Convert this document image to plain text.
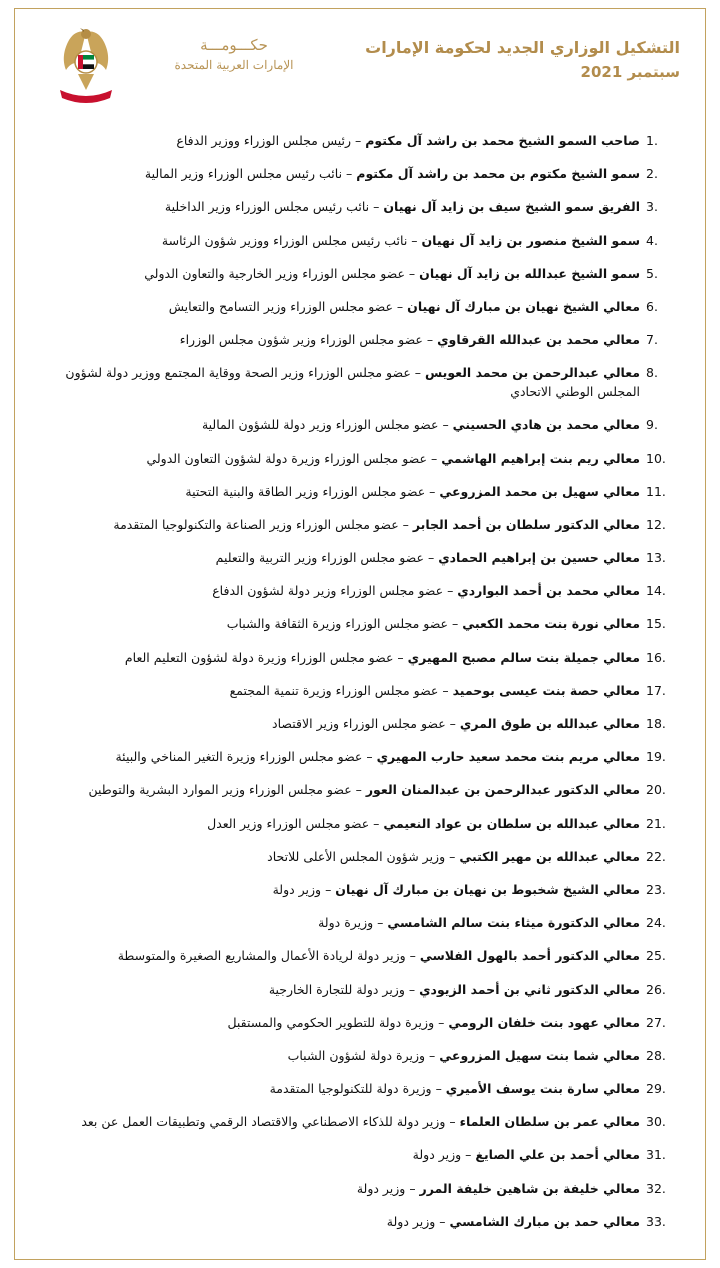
حكـــومـــة
الإمارات العربية المتحدة
التشكيل الوزاري الجديد لحكومة الإمارات
سبتمبر 2021
1.
صاحب السمو الشيخ محمد بن راشد آل مكتوم – رئيس مجلس الوزراء ووزير الدفاع
2.
سمو الشيخ مكتوم بن محمد بن راشد آل مكتوم – نائب رئيس مجلس الوزراء وزير المالية
3.
الفريق سمو الشيخ سيف بن زايد آل نهيان – نائب رئيس مجلس الوزراء وزير الداخلية
4.
سمو الشيخ منصور بن زايد آل نهيان – نائب رئيس مجلس الوزراء ووزير شؤون الرئاسة
5.
سمو الشيخ عبدالله بن زايد آل نهيان – عضو مجلس الوزراء وزير الخارجية والتعاون الدولي
6.
معالي الشيخ نهيان بن مبارك آل نهيان – عضو مجلس الوزراء وزير التسامح والتعايش
7.
معالي محمد بن عبدالله القرقاوي – عضو مجلس الوزراء وزير شؤون مجلس الوزراء
8.
معالي عبدالرحمن بن محمد العويس – عضو مجلس الوزراء وزير الصحة ووقاية المجتمع ووزير دولة لشؤون المجلس الوطني الاتحادي
9.
معالي محمد بن هادي الحسيني – عضو مجلس الوزراء وزير دولة للشؤون المالية
10.
معالي ريم بنت إبراهيم الهاشمي – عضو مجلس الوزراء وزيرة دولة لشؤون التعاون الدولي
11.
معالي سهيل بن محمد المزروعي – عضو مجلس الوزراء وزير الطاقة والبنية التحتية
12.
معالي الدكتور سلطان بن أحمد الجابر – عضو مجلس الوزراء وزير الصناعة والتكنولوجيا المتقدمة
13.
معالي حسين بن إبراهيم الحمادي – عضو مجلس الوزراء وزير التربية والتعليم
14.
معالي محمد بن أحمد البواردي – عضو مجلس الوزراء وزير دولة لشؤون الدفاع
15.
معالي نورة بنت محمد الكعبي – عضو مجلس الوزراء وزيرة الثقافة والشباب
16.
معالي جميلة بنت سالم مصبح المهيري – عضو مجلس الوزراء وزيرة دولة لشؤون التعليم العام
17.
معالي حصة بنت عيسى بوحميد – عضو مجلس الوزراء وزيرة تنمية المجتمع
18.
معالي عبدالله بن طوق المري – عضو مجلس الوزراء وزير الاقتصاد
19.
معالي مريم بنت محمد سعيد حارب المهيري – عضو مجلس الوزراء وزيرة التغير المناخي والبيئة
20.
معالي الدكتور عبدالرحمن بن عبدالمنان العور – عضو مجلس الوزراء وزير الموارد البشرية والتوطين
21.
معالي عبدالله بن سلطان بن عواد النعيمي – عضو مجلس الوزراء وزير العدل
22.
معالي عبدالله بن مهير الكتبي – وزير شؤون المجلس الأعلى للاتحاد
23.
معالي الشيخ شخبوط بن نهيان بن مبارك آل نهيان – وزير دولة
24.
معالي الدكتورة ميثاء بنت سالم الشامسي – وزيرة دولة
25.
معالي الدكتور أحمد بالهول الفلاسي – وزير دولة لريادة الأعمال والمشاريع الصغيرة والمتوسطة
26.
معالي الدكتور ثاني بن أحمد الزيودي – وزير دولة للتجارة الخارجية
27.
معالي عهود بنت خلفان الرومي – وزيرة دولة للتطوير الحكومي والمستقبل
28.
معالي شما بنت سهيل المزروعي – وزيرة دولة لشؤون الشباب
29.
معالي سارة بنت يوسف الأميري – وزيرة دولة للتكنولوجيا المتقدمة
30.
معالي عمر بن سلطان العلماء – وزير دولة للذكاء الاصطناعي والاقتصاد الرقمي وتطبيقات العمل عن بعد
31.
معالي أحمد بن علي الصايغ – وزير دولة
32.
معالي خليفة بن شاهين خليفة المرر – وزير دولة
33.
معالي حمد بن مبارك الشامسي – وزير دولة
